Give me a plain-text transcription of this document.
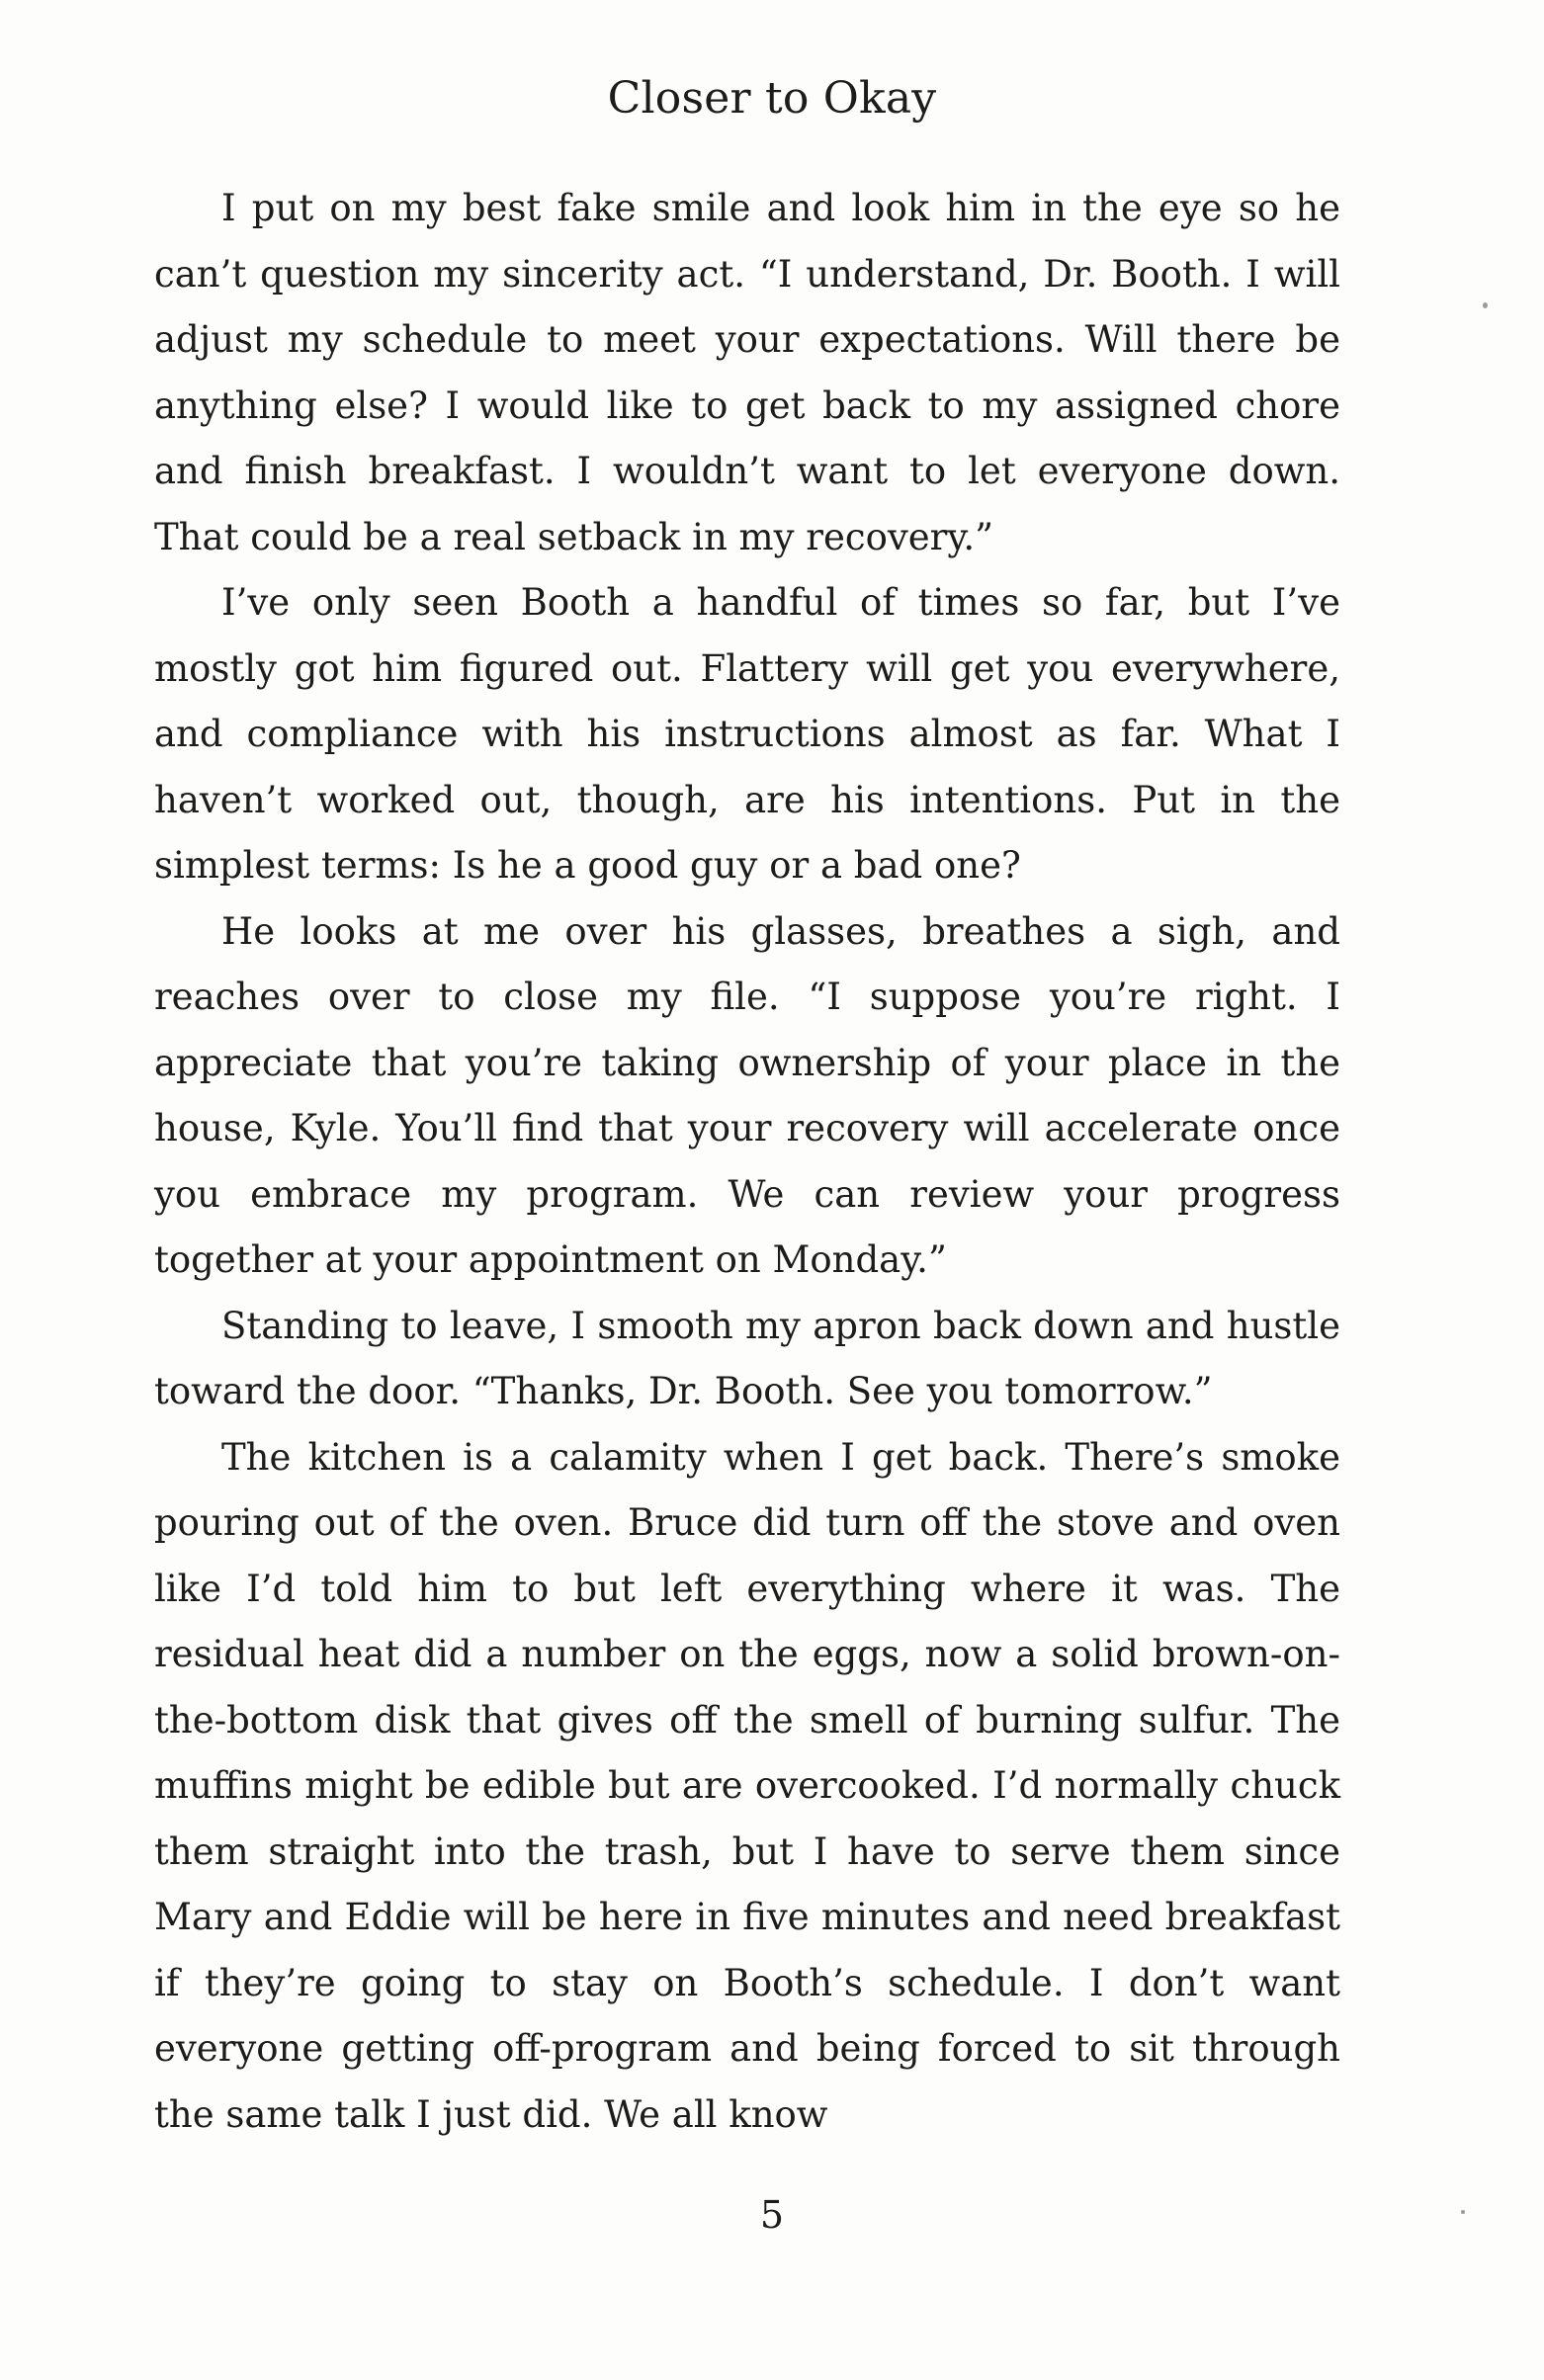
Closer to Okay

I put on my best fake smile and look him in the eye so he can’t question my sincerity act. “I understand, Dr. Booth. I will adjust my schedule to meet your expectations. Will there be anything else? I would like to get back to my assigned chore and finish breakfast. I wouldn’t want to let everyone down. That could be a real setback in my recovery.”

I’ve only seen Booth a handful of times so far, but I’ve mostly got him figured out. Flattery will get you everywhere, and compliance with his instructions almost as far. What I haven’t worked out, though, are his intentions. Put in the simplest terms: Is he a good guy or a bad one?

He looks at me over his glasses, breathes a sigh, and reaches over to close my file. “I suppose you’re right. I appreciate that you’re taking ownership of your place in the house, Kyle. You’ll find that your recovery will accelerate once you embrace my program. We can review your progress together at your appointment on Monday.”

Standing to leave, I smooth my apron back down and hustle toward the door. “Thanks, Dr. Booth. See you tomorrow.”

The kitchen is a calamity when I get back. There’s smoke pouring out of the oven. Bruce did turn off the stove and oven like I’d told him to but left everything where it was. The residual heat did a number on the eggs, now a solid brown-on-the-bottom disk that gives off the smell of burning sulfur. The muffins might be edible but are overcooked. I’d normally chuck them straight into the trash, but I have to serve them since Mary and Eddie will be here in five minutes and need breakfast if they’re going to stay on Booth’s schedule. I don’t want everyone getting off-program and being forced to sit through the same talk I just did. We all know

5
